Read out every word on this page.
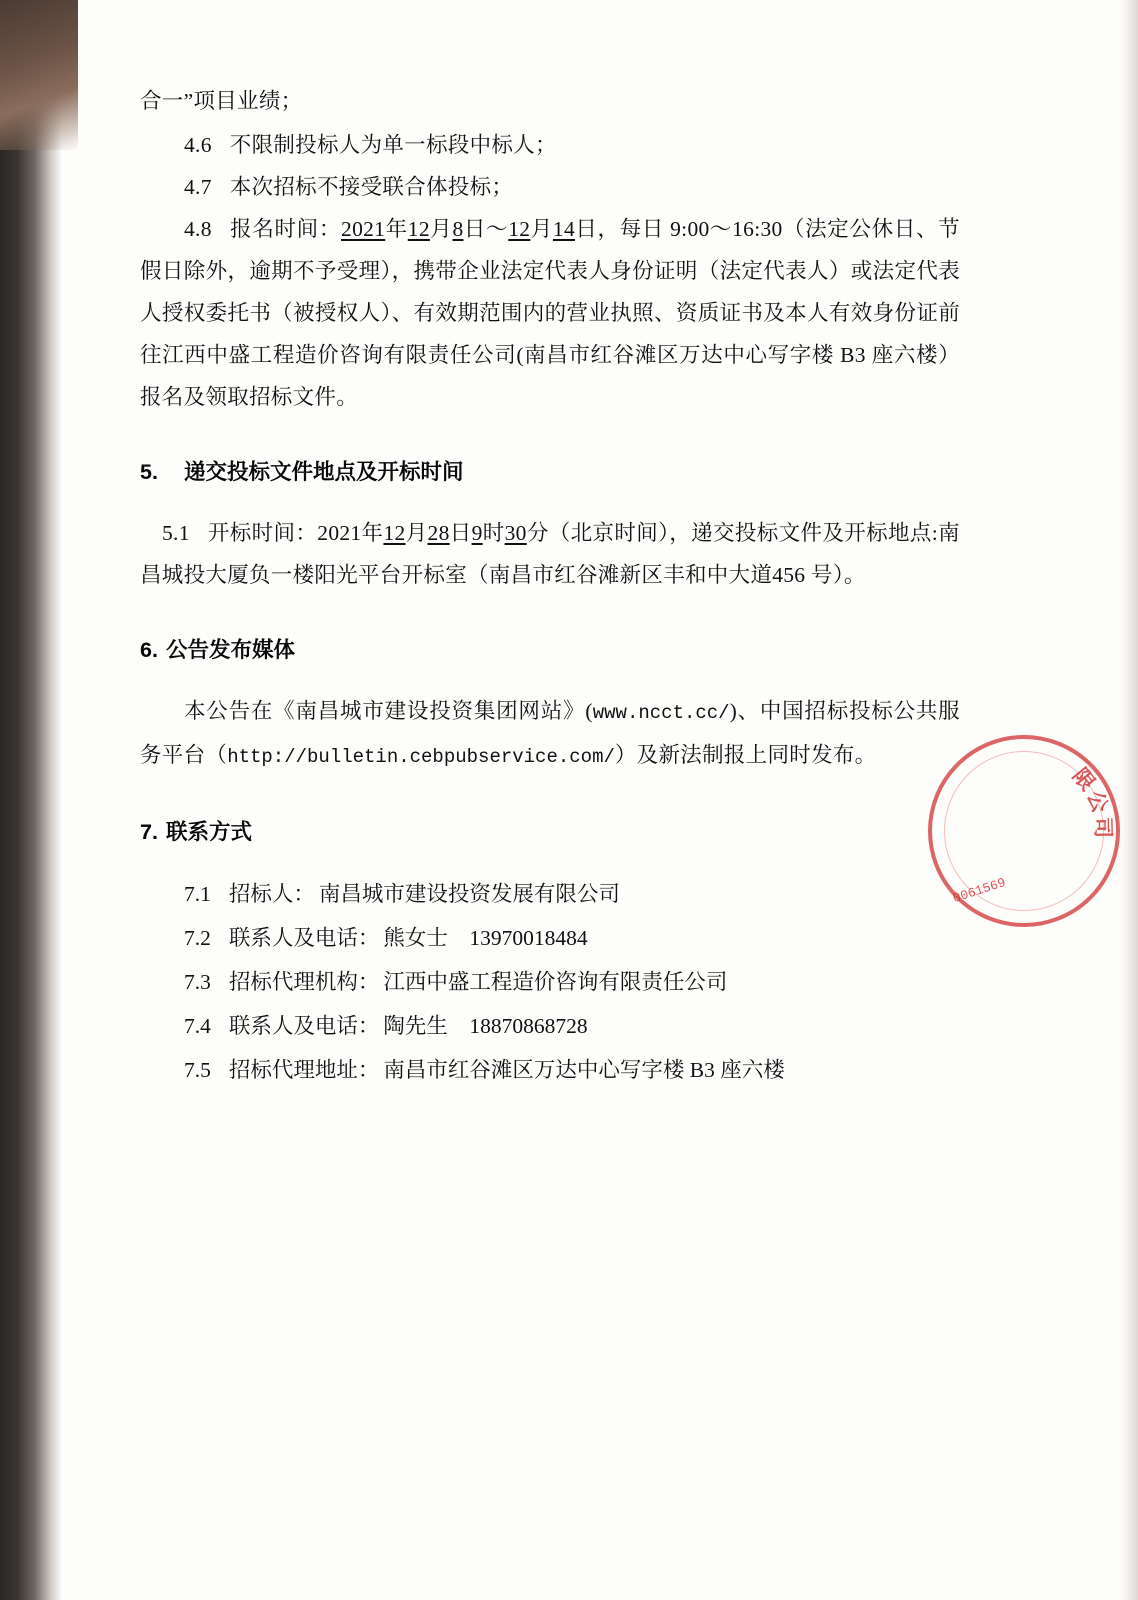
合一”项目业绩；

4.6 不限制投标人为单一标段中标人；

4.7 本次招标不接受联合体投标；

4.8 报名时间：2021年12月8日～12月14日，每日 9:00～16:30（法定公休日、节假日除外，逾期不予受理），携带企业法定代表人身份证明（法定代表人）或法定代表人授权委托书（被授权人）、有效期范围内的营业执照、资质证书及本人有效身份证前往江西中盛工程造价咨询有限责任公司(南昌市红谷滩区万达中心写字楼 B3 座六楼）报名及领取招标文件。

5. 递交投标文件地点及开标时间

5.1 开标时间：2021年12月28日9时30分（北京时间），递交投标文件及开标地点:南昌城投大厦负一楼阳光平台开标室（南昌市红谷滩新区丰和中大道456 号）。

6. 公告发布媒体

本公告在《南昌城市建设投资集团网站》(www.ncct.cc/)、中国招标投标公共服务平台（http://bulletin.cebpubservice.com/）及新法制报上同时发布。

7. 联系方式
7.1 招标人： 南昌城市建设投资发展有限公司
7.2 联系人及电话： 熊女士　13970018484
7.3 招标代理机构： 江西中盛工程造价咨询有限责任公司
7.4 联系人及电话： 陶先生　18870868728
7.5 招标代理地址： 南昌市红谷滩区万达中心写字楼 B3 座六楼
限公司
0061569
